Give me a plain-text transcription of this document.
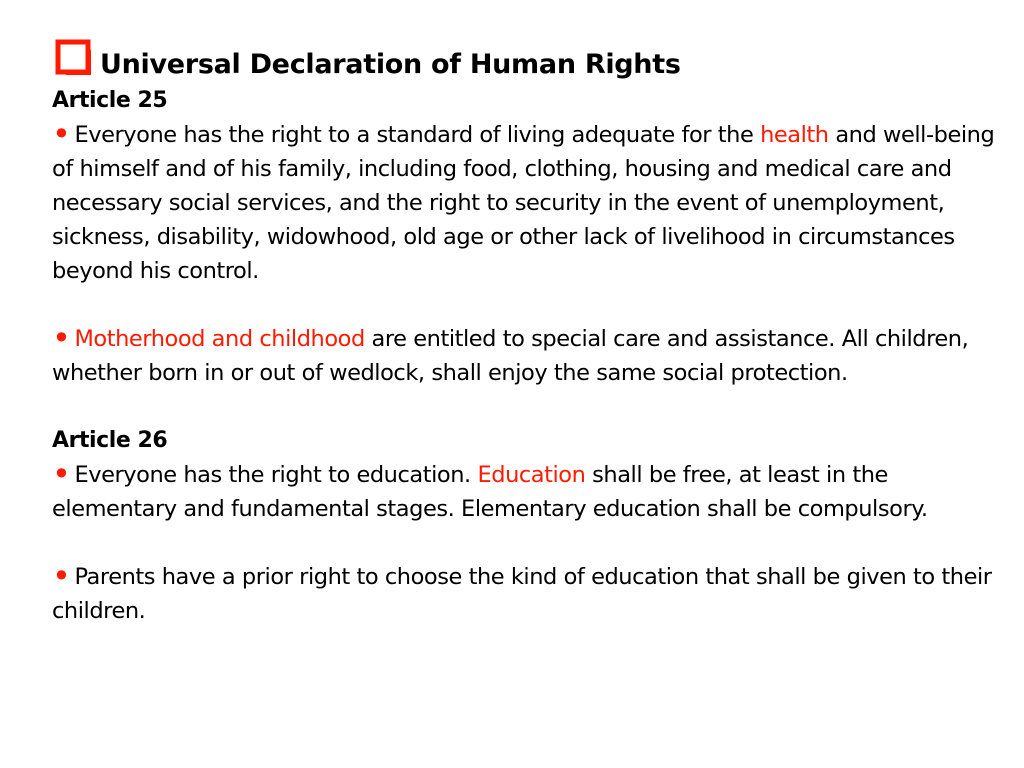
Universal Declaration of Human Rights
Article 25

• Everyone has the right to a standard of living adequate for the health and well-being of himself and of his family, including food, clothing, housing and medical care and necessary social services, and the right to security in the event of unemployment, sickness, disability, widowhood, old age or other lack of livelihood in circumstances beyond his control.

• Motherhood and childhood are entitled to special care and assistance. All children, whether born in or out of wedlock, shall enjoy the same social protection.

Article 26

• Everyone has the right to education. Education shall be free, at least in the elementary and fundamental stages. Elementary education shall be compulsory.

• Parents have a prior right to choose the kind of education that shall be given to their children.
